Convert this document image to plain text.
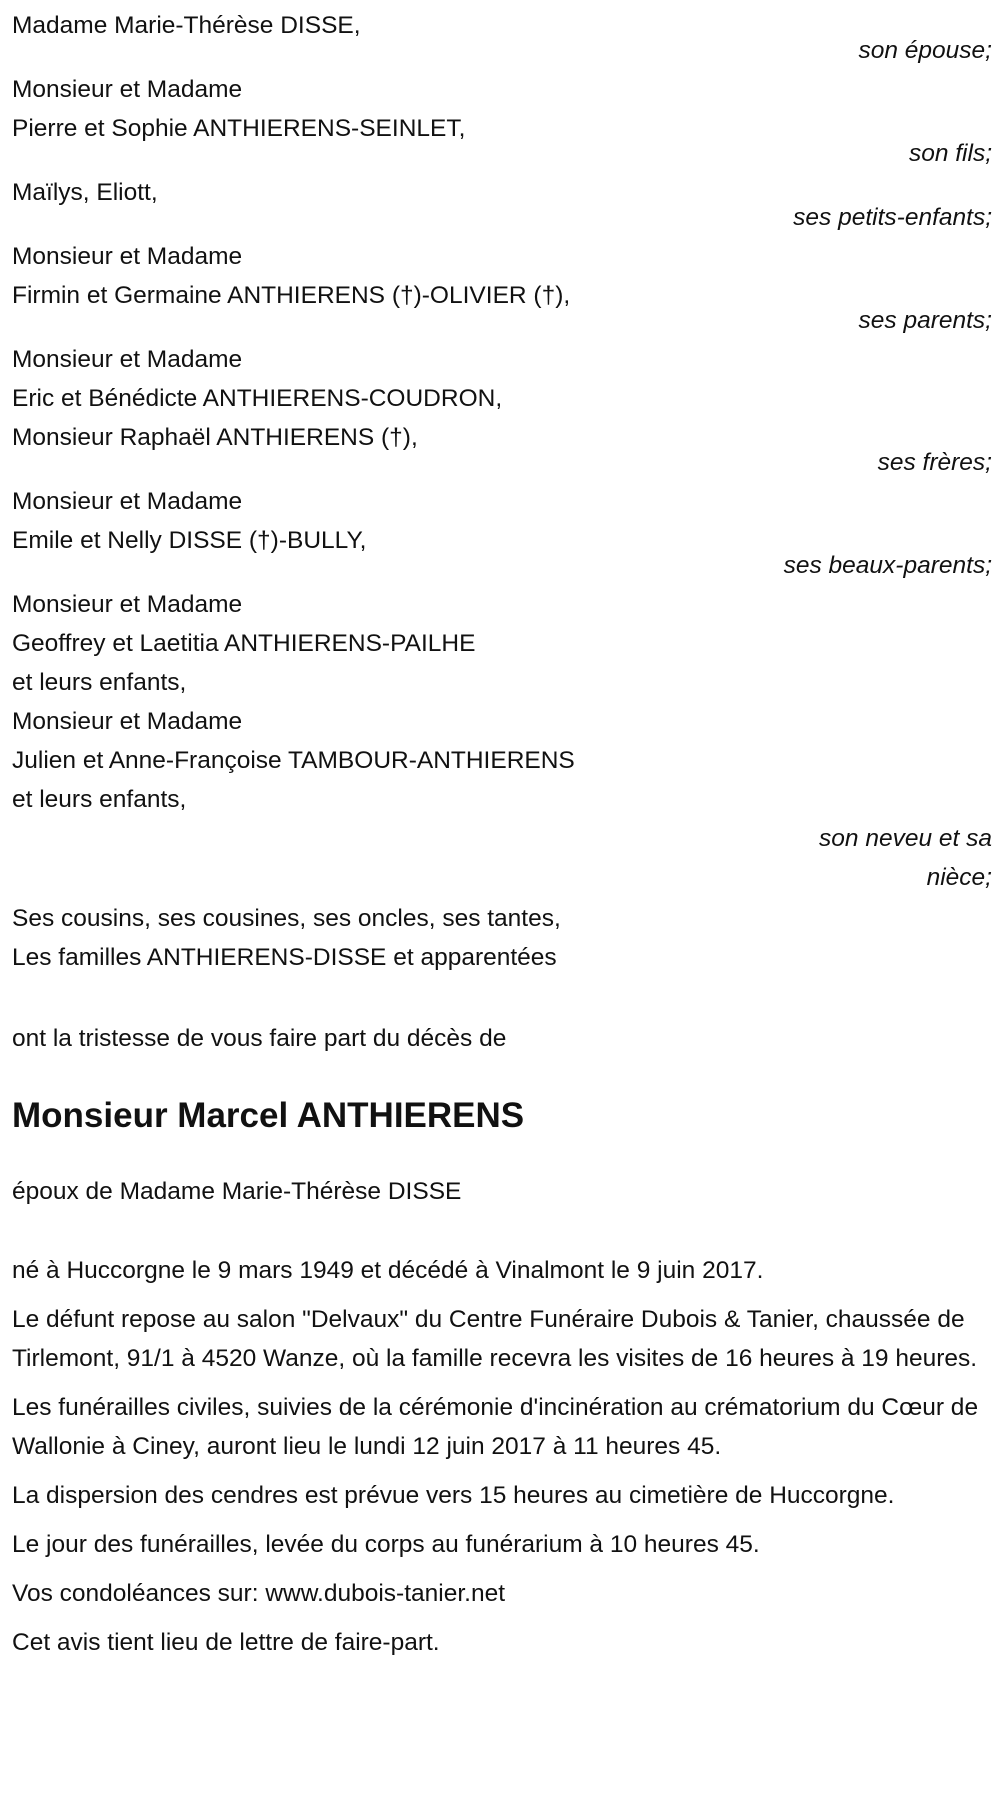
Madame Marie-Thérèse DISSE,
son épouse;
Monsieur et Madame
Pierre et Sophie ANTHIERENS-SEINLET,
son fils;
Maïlys, Eliott,
ses petits-enfants;
Monsieur et Madame
Firmin et Germaine ANTHIERENS (†)-OLIVIER (†),
ses parents;
Monsieur et Madame
Eric et Bénédicte ANTHIERENS-COUDRON,
Monsieur Raphaël ANTHIERENS (†),
ses frères;
Monsieur et Madame
Emile et Nelly DISSE (†)-BULLY,
ses beaux-parents;
Monsieur et Madame
Geoffrey et Laetitia ANTHIERENS-PAILHE
et leurs enfants,
Monsieur et Madame
Julien et Anne-Françoise TAMBOUR-ANTHIERENS
et leurs enfants,
son neveu et sa nièce;
Ses cousins, ses cousines, ses oncles, ses tantes,
Les familles ANTHIERENS-DISSE et apparentées
ont la tristesse de vous faire part du décès de
Monsieur Marcel ANTHIERENS
époux de Madame Marie-Thérèse DISSE
né à Huccorgne le 9 mars 1949 et décédé à Vinalmont le 9 juin 2017.
Le défunt repose au salon "Delvaux" du Centre Funéraire Dubois & Tanier, chaussée de Tirlemont, 91/1 à 4520 Wanze, où la famille recevra les visites de 16 heures à 19 heures.
Les funérailles civiles, suivies de la cérémonie d'incinération au crématorium du Cœur de Wallonie à Ciney, auront lieu le lundi 12 juin 2017 à 11 heures 45.
La dispersion des cendres est prévue vers 15 heures au cimetière de Huccorgne.
Le jour des funérailles, levée du corps au funérarium à 10 heures 45.
Vos condoléances sur: www.dubois-tanier.net
Cet avis tient lieu de lettre de faire-part.
